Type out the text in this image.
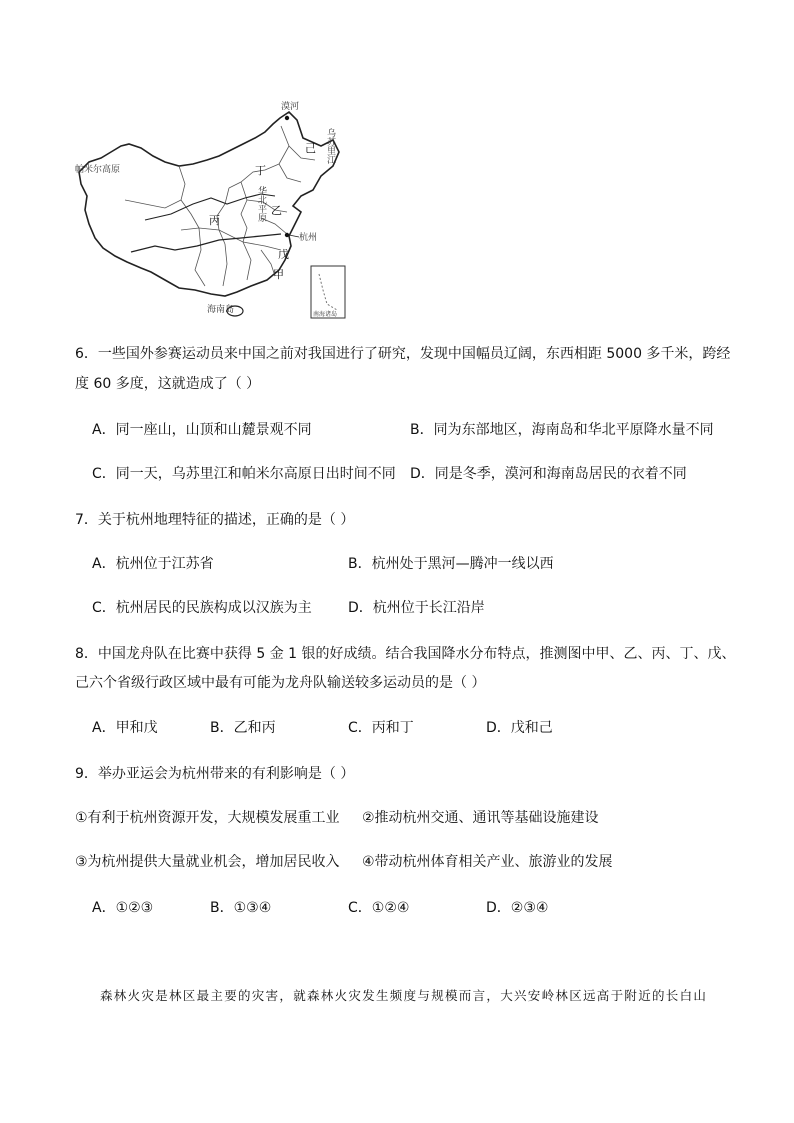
漠河
乌苏里江
帕米尔高原
己
丁
华北平原 乙
丙
杭州
戊
甲
海南岛	南海诸岛
6．一些国外参赛运动员来中国之前对我国进行了研究，发现中国幅员辽阔，东西相距 5000 多千米，跨经
度 60 多度，这就造成了（ ）
A．同一座山，山顶和山麓景观不同	B．同为东部地区，海南岛和华北平原降水量不同
C．同一天，乌苏里江和帕米尔高原日出时间不同 D．同是冬季，漠河和海南岛居民的衣着不同
7．关于杭州地理特征的描述，正确的是（ ）
A．杭州位于江苏省	B．杭州处于黑河—腾冲一线以西
C．杭州居民的民族构成以汉族为主	D．杭州位于长江沿岸
8．中国龙舟队在比赛中获得 5 金 1 银的好成绩。结合我国降水分布特点，推测图中甲、乙、丙、丁、戊、
己六个省级行政区域中最有可能为龙舟队输送较多运动员的是（ ）
A．甲和戊	B．乙和丙	C．丙和丁	D．戊和己
9．举办亚运会为杭州带来的有利影响是（ ）
①有利于杭州资源开发，大规模发展重工业 ②推动杭州交通、通讯等基础设施建设
③为杭州提供大量就业机会，增加居民收入 ④带动杭州体育相关产业、旅游业的发展
A．①②③	B．①③④	C．①②④	D．②③④
森林火灾是林区最主要的灾害，就森林火灾发生频度与规模而言，大兴安岭林区远高于附近的长白山
